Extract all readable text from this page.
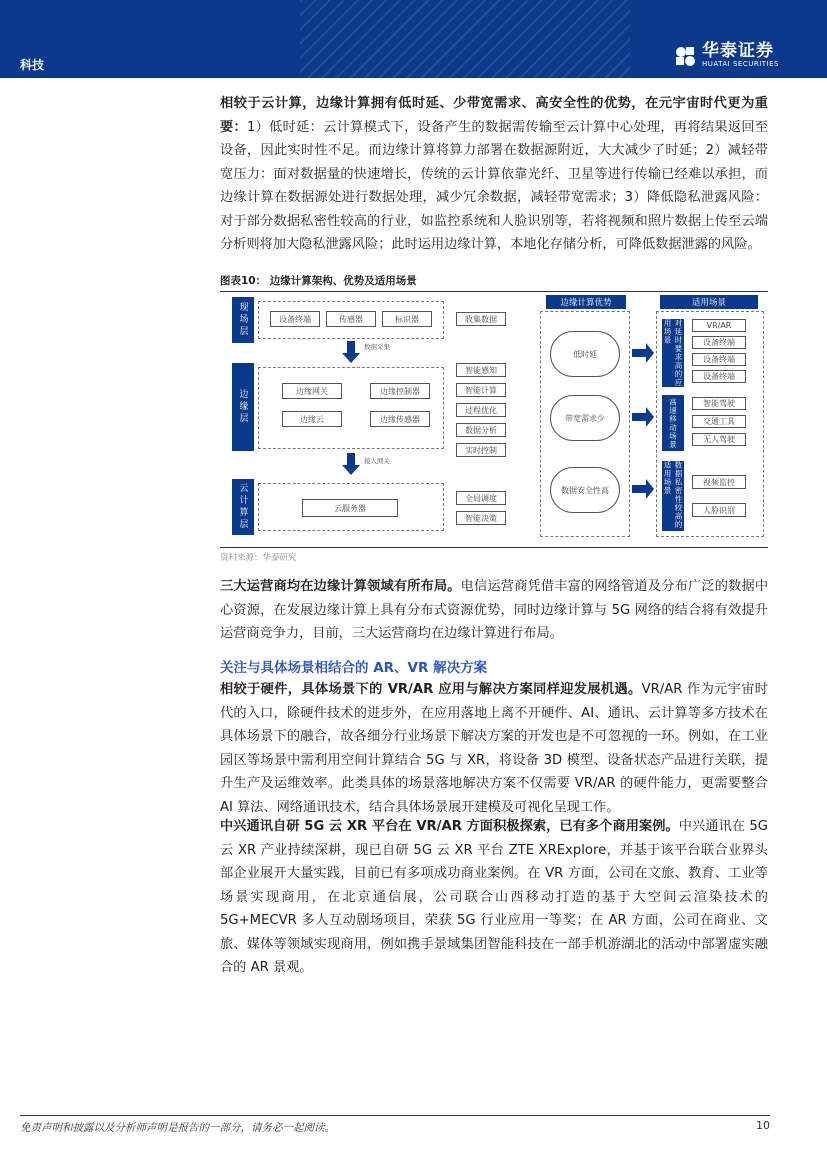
科技
华泰证券
HUATAI SECURITIES

相较于云计算，边缘计算拥有低时延、少带宽需求、高安全性的优势，在元宇宙时代更为重要：1）低时延：云计算模式下，设备产生的数据需传输至云计算中心处理，再将结果返回至设备，因此实时性不足。而边缘计算将算力部署在数据源附近，大大减少了时延；2）减轻带宽压力：面对数据量的快速增长，传统的云计算依靠光纤、卫星等进行传输已经难以承担，而边缘计算在数据源处进行数据处理，减少冗余数据，减轻带宽需求；3）降低隐私泄露风险：对于部分数据私密性较高的行业，如监控系统和人脸识别等，若将视频和照片数据上传至云端分析则将加大隐私泄露风险；此时运用边缘计算，本地化存储分析，可降低数据泄露的风险。

图表10： 边缘计算架构、优势及适用场景
现场层	设备终端	传感器	标识器
数据采集
边缘层	边缘网关	边缘控制器
边缘云	边缘传感器
接入网关
云计算层	云服务器
收集数据
智能感知
智能计算
过程优化
数据分析
实时控制
全局调度
智能决策
边缘计算优势
低时延
带宽需求少
数据安全性高
适用场景
对延时要求高的应用场景	VR/AR
设备终端
设备终端
设备终端
高速移动场景	智能驾驶
交通工具
无人驾驶
数据私密性较高的适用场景	视频监控
人脸识别
资料来源：华泰研究

三大运营商均在边缘计算领域有所布局。电信运营商凭借丰富的网络管道及分布广泛的数据中心资源，在发展边缘计算上具有分布式资源优势，同时边缘计算与 5G 网络的结合将有效提升运营商竞争力，目前，三大运营商均在边缘计算进行布局。

关注与具体场景相结合的 AR、VR 解决方案

相较于硬件，具体场景下的 VR/AR 应用与解决方案同样迎发展机遇。VR/AR 作为元宇宙时代的入口，除硬件技术的进步外，在应用落地上离不开硬件、AI、通讯、云计算等多方技术在具体场景下的融合，故各细分行业场景下解决方案的开发也是不可忽视的一环。例如，在工业园区等场景中需利用空间计算结合 5G 与 XR，将设备 3D 模型、设备状态产品进行关联，提升生产及运维效率。此类具体的场景落地解决方案不仅需要 VR/AR 的硬件能力，更需要整合 AI 算法、网络通讯技术，结合具体场景展开建模及可视化呈现工作。

中兴通讯自研 5G 云 XR 平台在 VR/AR 方面积极探索，已有多个商用案例。中兴通讯在 5G 云 XR 产业持续深耕，现已自研 5G 云 XR 平台 ZTE XRExplore，并基于该平台联合业界头部企业展开大量实践，目前已有多项成功商业案例。在 VR 方面，公司在文旅、教育、工业等场景实现商用，在北京通信展，公司联合山西移动打造的基于大空间云渲染技术的 5G+MECVR 多人互动剧场项目，荣获 5G 行业应用一等奖；在 AR 方面，公司在商业、文旅、媒体等领域实现商用，例如携手景域集团智能科技在一部手机游湖北的活动中部署虚实融合的 AR 景观。

免责声明和披露以及分析师声明是报告的一部分，请务必一起阅读。	10
